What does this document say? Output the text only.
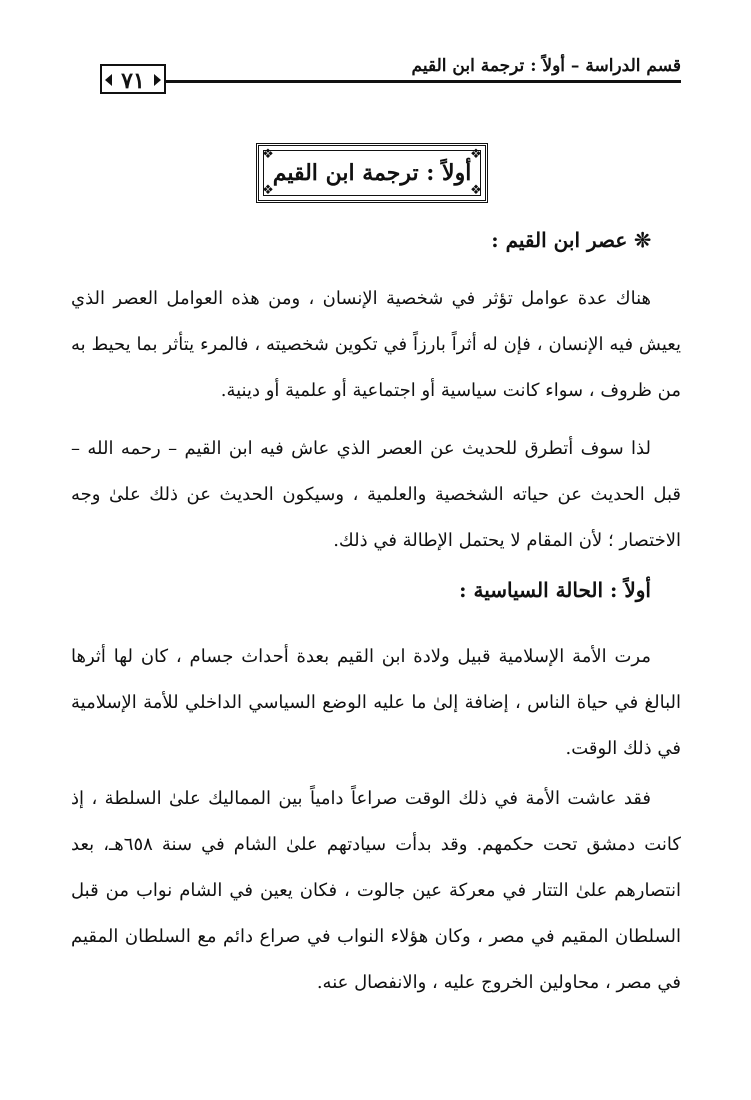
قسم الدراسة – أولاً : ترجمة ابن القيم
٧١
❖	❖
❖	❖
أولاً : ترجمة ابن القيم
❊ عصر ابن القيم :

هناك عدة عوامل تؤثر في شخصية الإنسان ، ومن هذه العوامل العصر الذي يعيش فيه الإنسان ، فإن له أثراً بارزاً في تكوين شخصيته ، فالمرء يتأثر بما يحيط به من ظروف ، سواء كانت سياسية أو اجتماعية أو علمية أو دينية.

لذا سوف أتطرق للحديث عن العصر الذي عاش فيه ابن القيم – رحمه الله – قبل الحديث عن حياته الشخصية والعلمية ، وسيكون الحديث عن ذلك علىٰ وجه الاختصار ؛ لأن المقام لا يحتمل الإطالة في ذلك.

أولاً : الحالة السياسية :

مرت الأمة الإسلامية قبيل ولادة ابن القيم بعدة أحداث جسام ، كان لها أثرها البالغ في حياة الناس ، إضافة إلىٰ ما عليه الوضع السياسي الداخلي للأمة الإسلامية في ذلك الوقت.

فقد عاشت الأمة في ذلك الوقت صراعاً دامياً بين المماليك علىٰ السلطة ، إذ كانت دمشق تحت حكمهم. وقد بدأت سيادتهم علىٰ الشام في سنة ٦٥٨هـ، بعد انتصارهم علىٰ التتار في معركة عين جالوت ، فكان يعين في الشام نواب من قبل السلطان المقيم في مصر ، وكان هؤلاء النواب في صراع دائم مع السلطان المقيم في مصر ، محاولين الخروج عليه ، والانفصال عنه.
